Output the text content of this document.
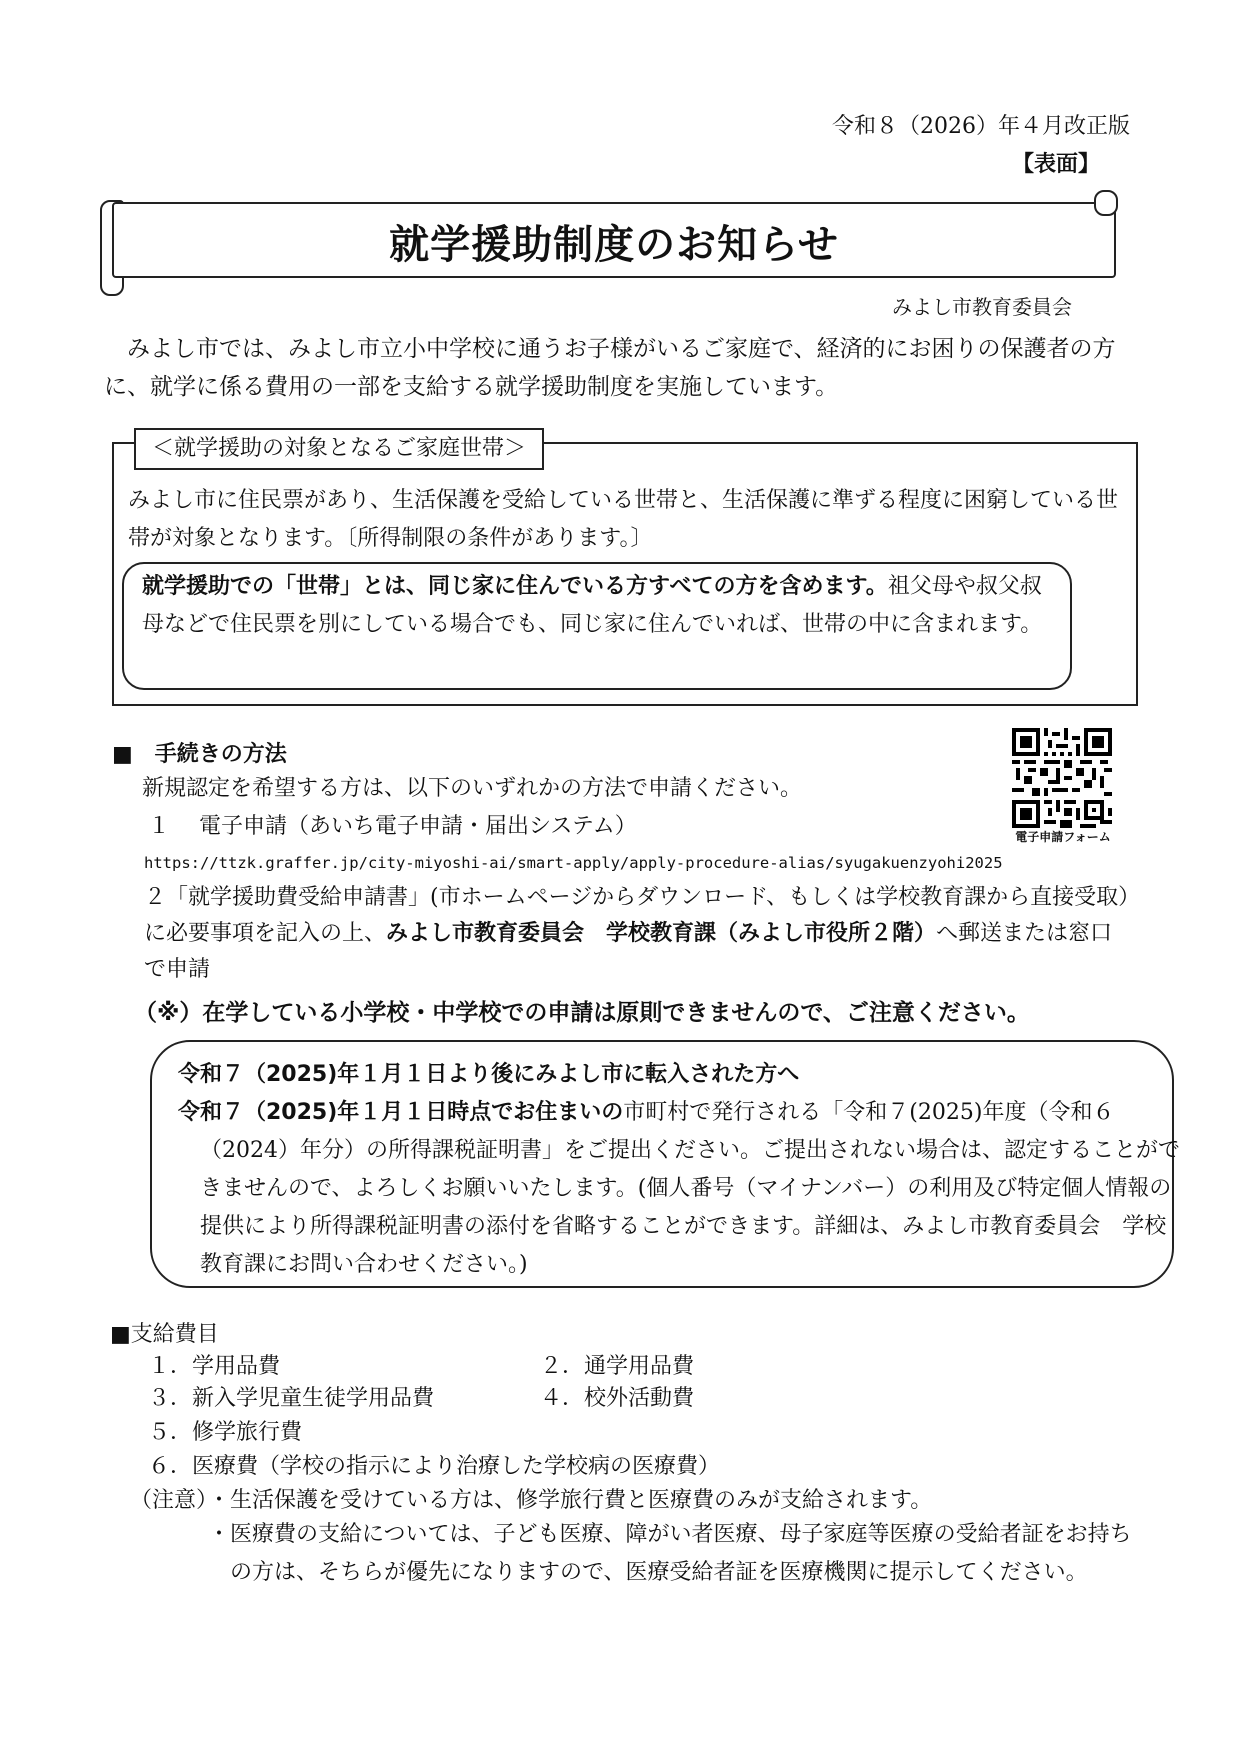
令和８（2026）年４月改正版
【表面】
就学援助制度のお知らせ
みよし市教育委員会
みよし市では、みよし市立小中学校に通うお子様がいるご家庭で、経済的にお困りの保護者の方に、就学に係る費用の一部を支給する就学援助制度を実施しています。
＜就学援助の対象となるご家庭世帯＞
みよし市に住民票があり、生活保護を受給している世帯と、生活保護に準ずる程度に困窮している世帯が対象となります。〔所得制限の条件があります。〕
就学援助での「世帯」とは、同じ家に住んでいる方すべての方を含めます。祖父母や叔父叔母などで住民票を別にしている場合でも、同じ家に住んでいれば、世帯の中に含まれます。
■　手続きの方法
新規認定を希望する方は、以下のいずれかの方法で申請ください。
１　 電子申請（あいち電子申請・届出システム）
https://ttzk.graffer.jp/city-miyoshi-ai/smart-apply/apply-procedure-alias/syugakuenzyohi2025
２「就学援助費受給申請書」(市ホームページからダウンロード、もしくは学校教育課から直接受取）に必要事項を記入の上、みよし市教育委員会　学校教育課（みよし市役所２階）へ郵送または窓口で申請
（※）在学している小学校・中学校での申請は原則できませんので、ご注意ください。
電子申請フォーム
令和７（2025)年１月１日より後にみよし市に転入された方へ
令和７（2025)年１月１日時点でお住まいの市町村で発行される「令和７(2025)年度（令和６（2024）年分）の所得課税証明書」をご提出ください。ご提出されない場合は、認定することができませんので、よろしくお願いいたします。(個人番号（マイナンバー）の利用及び特定個人情報の提供により所得課税証明書の添付を省略することができます。詳細は、みよし市教育委員会　学校教育課にお問い合わせください。)
■支給費目
１．学用品費	２．通学用品費
３．新入学児童生徒学用品費	４．校外活動費
５．修学旅行費
６．医療費（学校の指示により治療した学校病の医療費）
（注意）
・生活保護を受けている方は、修学旅行費と医療費のみが支給されます。
・医療費の支給については、子ども医療、障がい者医療、母子家庭等医療の受給者証をお持ちの方は、そちらが優先になりますので、医療受給者証を医療機関に提示してください。
